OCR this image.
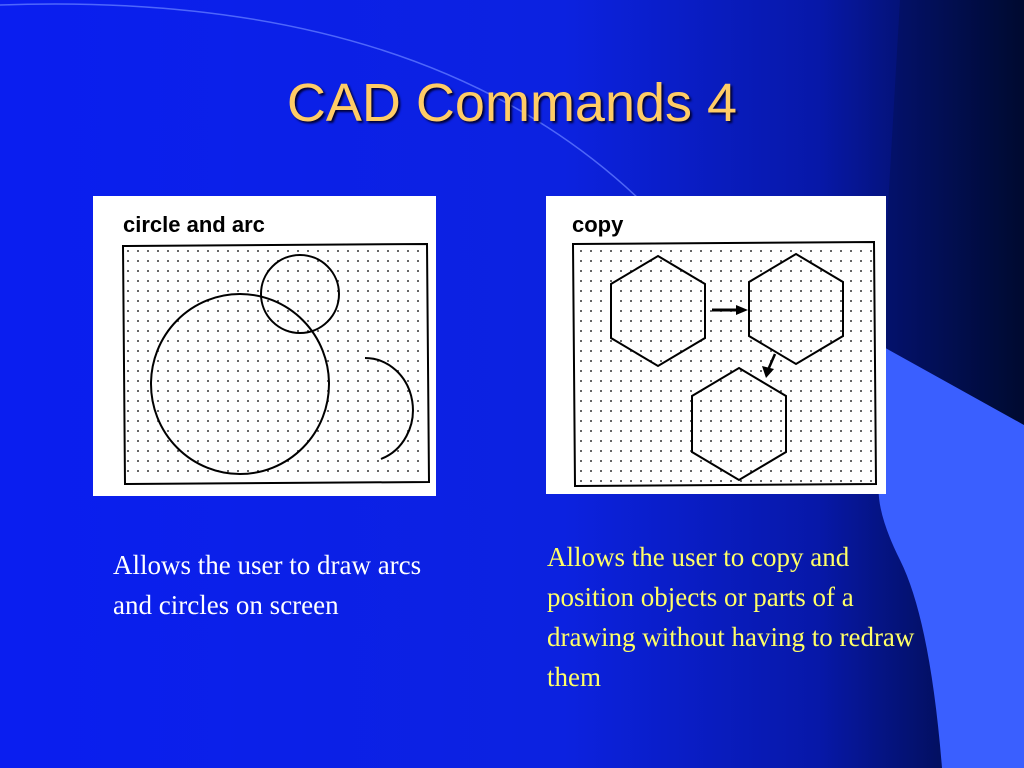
CAD Commands 4
circle and arc	copy

Allows the user to draw arcs and circles on screen

Allows the user to copy and position objects or parts of a drawing without having to redraw them
